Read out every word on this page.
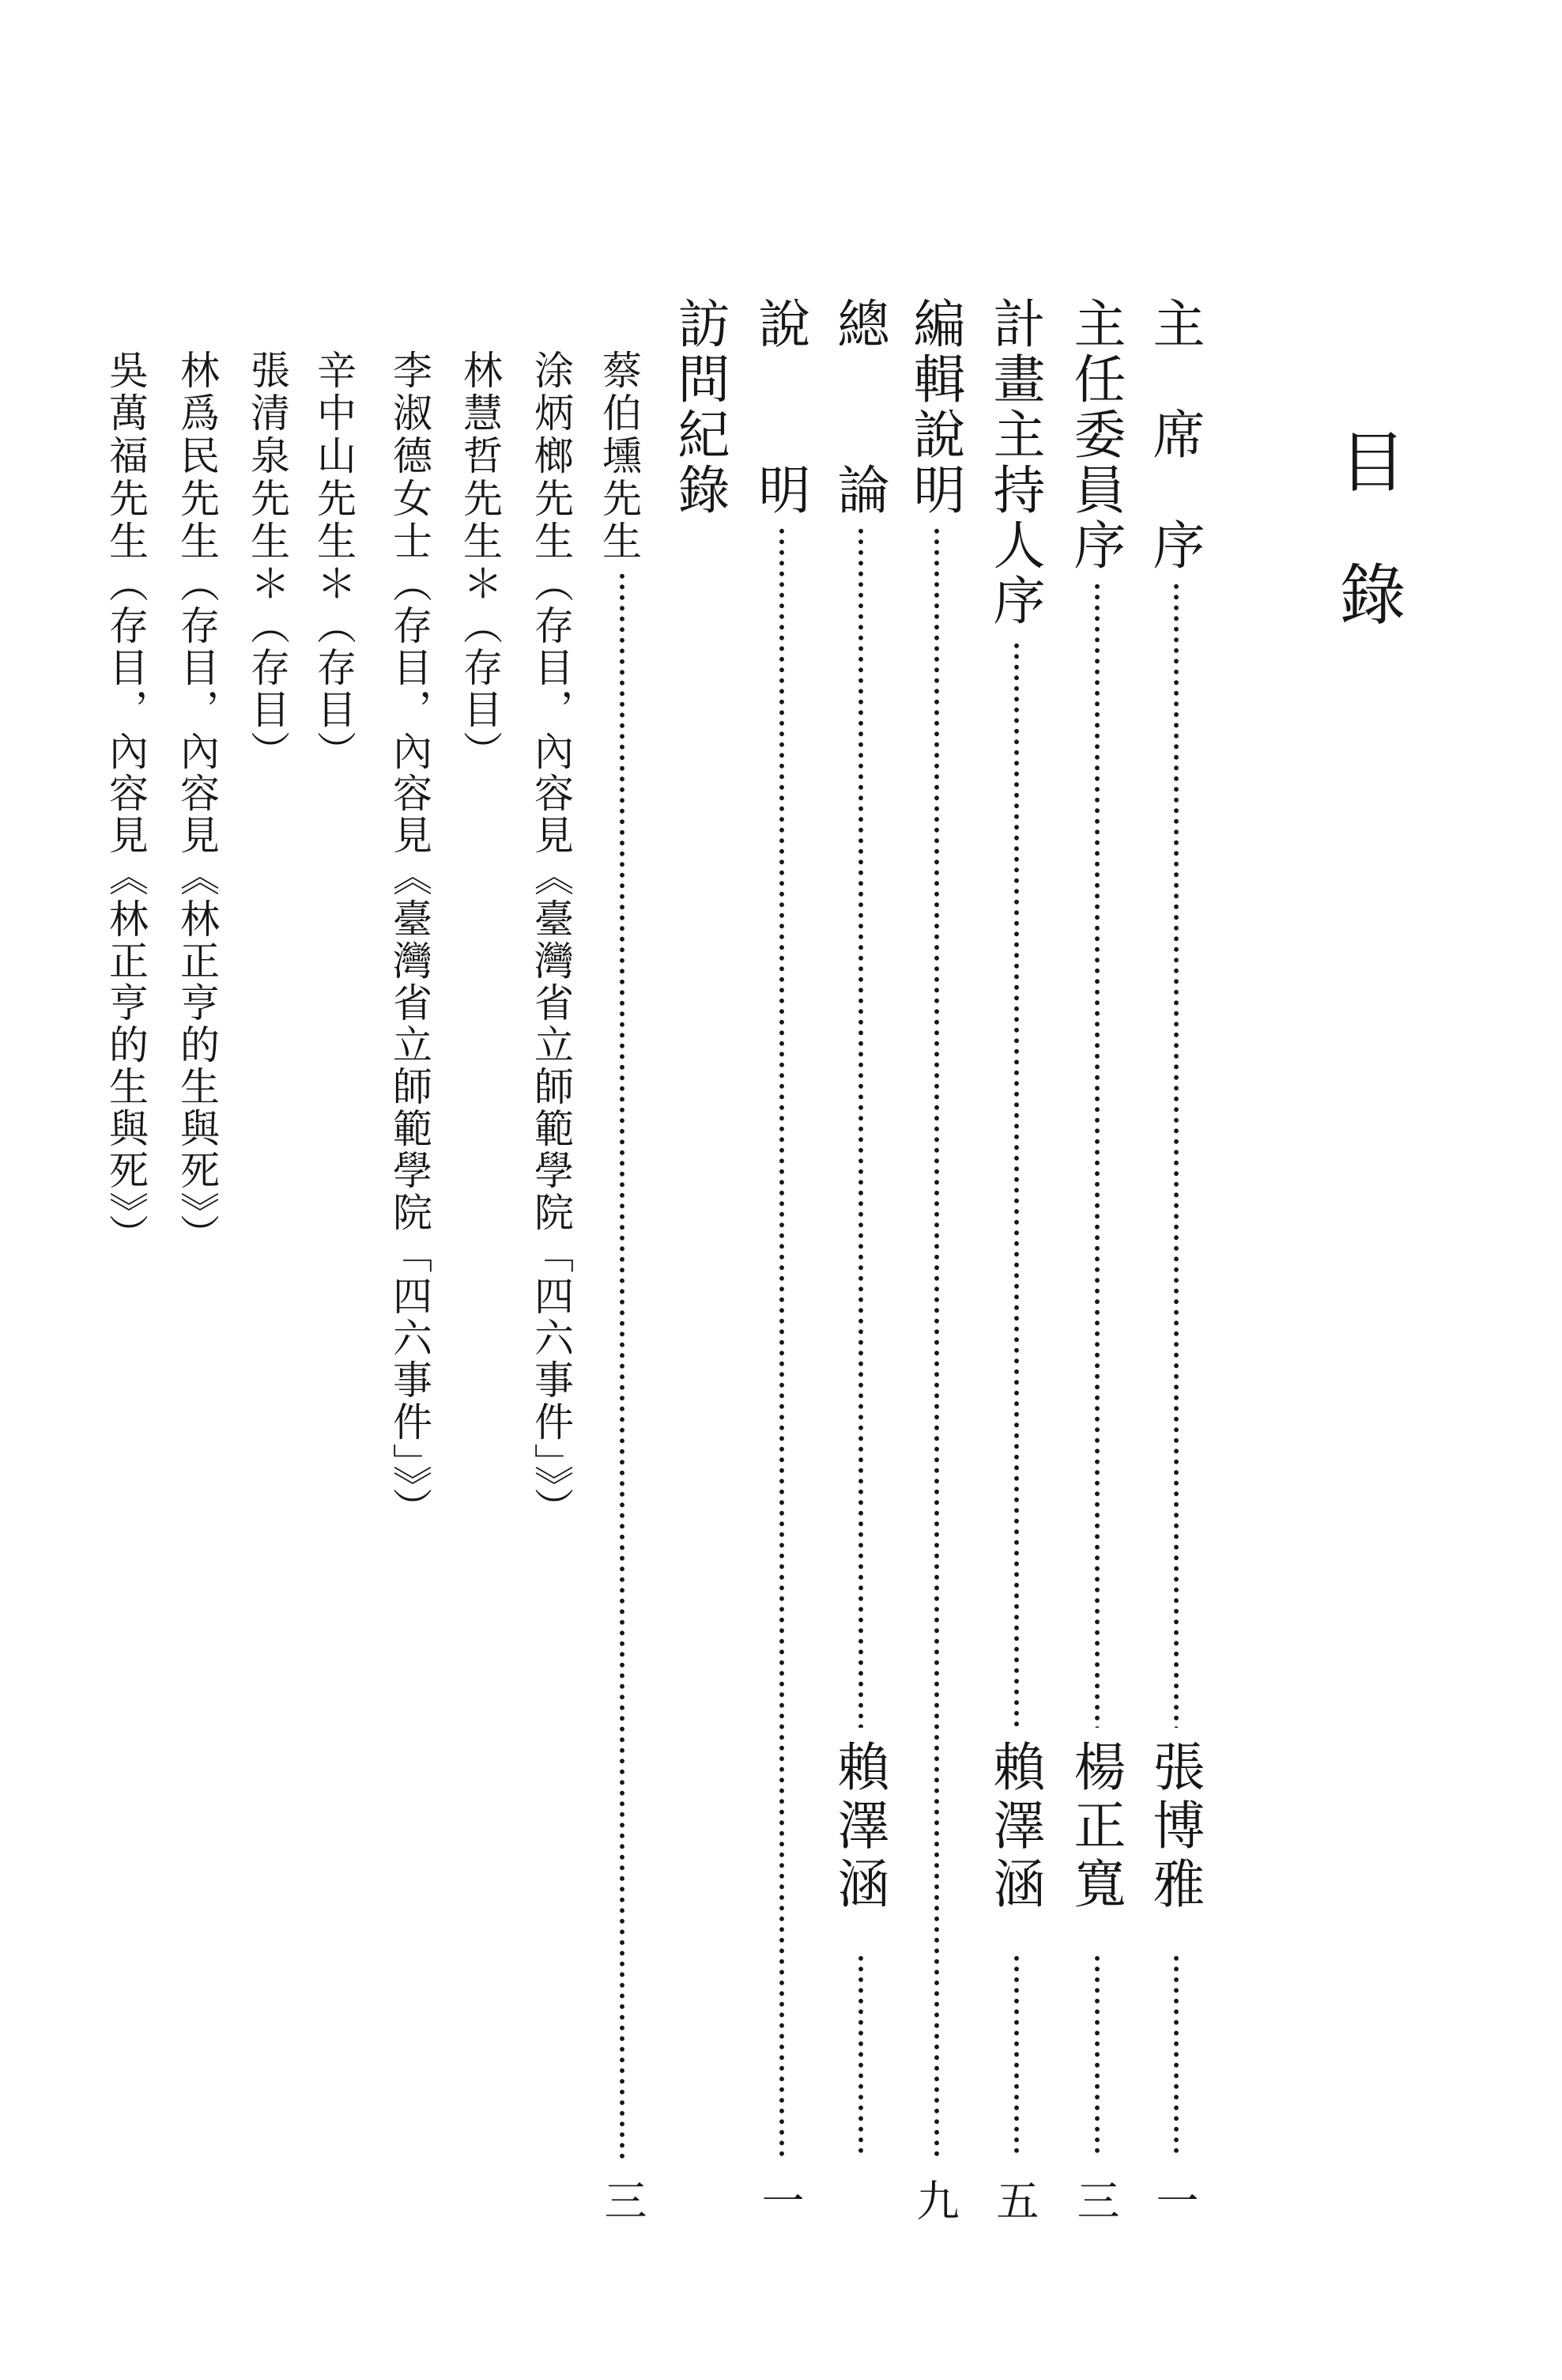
目　錄
主　席　序
張博雅
一
主任委員序
楊正寬
三
計畫主持人序
賴澤涵
五
編輯說明
九
總　　論
賴澤涵
說　　明
一
訪問紀錄
蔡伯壎先生
三
涂炳榔先生（存目，內容見《臺灣省立師範學院「四六事件」》）
林慧哲先生＊（存目）
李淑德女士（存目，內容見《臺灣省立師範學院「四六事件」》）
辛中山先生＊（存目）
張清泉先生＊（存目）
林爲民先生（存目，內容見《林正亨的生與死》）
吳萬福先生（存目，內容見《林正亨的生與死》）
